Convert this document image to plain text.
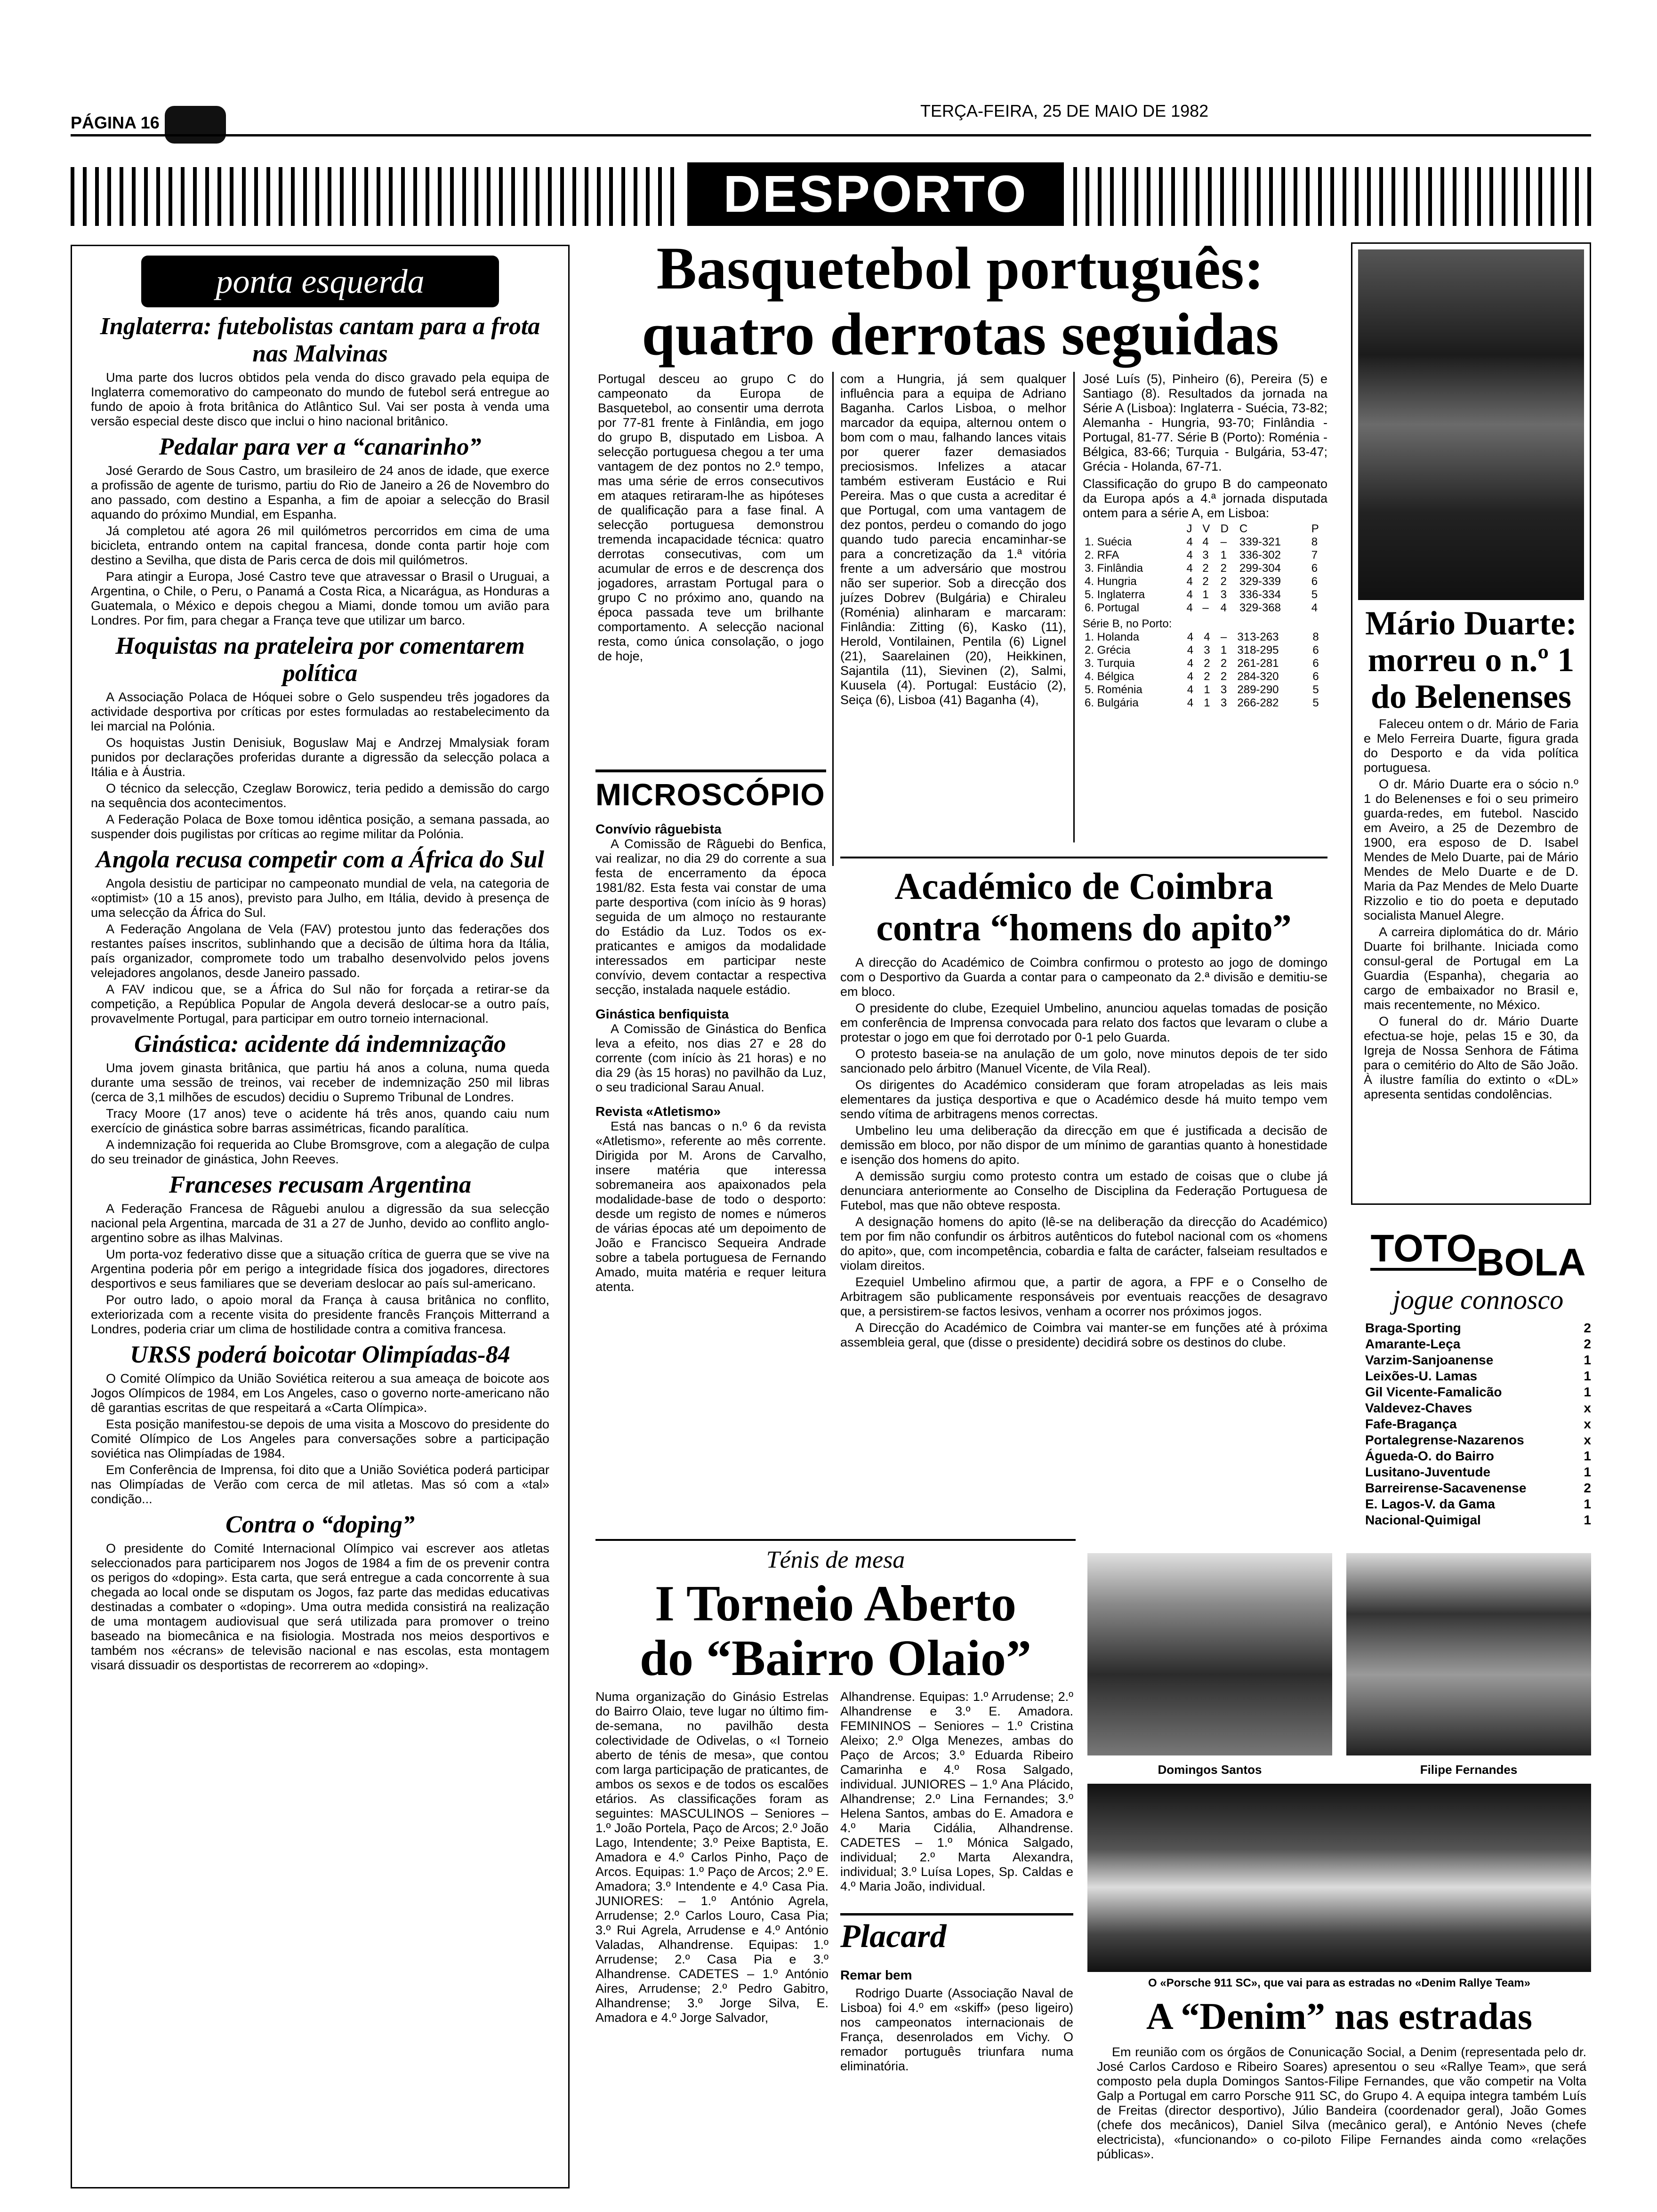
PÁGINA 16
TERÇA-FEIRA, 25 DE MAIO DE 1982
DESPORTO
ponta esquerda
Inglaterra: futebolistas cantam para a frota nas Malvinas

Uma parte dos lucros obtidos pela venda do disco gravado pela equipa de Inglaterra comemorativo do campeonato do mundo de futebol será entregue ao fundo de apoio à frota britânica do Atlântico Sul. Vai ser posta à venda uma versão especial deste disco que inclui o hino nacional britânico.

Pedalar para ver a “canarinho”

José Gerardo de Sous Castro, um brasileiro de 24 anos de idade, que exerce a profissão de agente de turismo, partiu do Rio de Janeiro a 26 de Novembro do ano passado, com destino a Espanha, a fim de apoiar a selecção do Brasil aquando do próximo Mundial, em Espanha.

Já completou até agora 26 mil quilómetros percorridos em cima de uma bicicleta, entrando ontem na capital francesa, donde conta partir hoje com destino a Sevilha, que dista de Paris cerca de dois mil quilómetros.

Para atingir a Europa, José Castro teve que atravessar o Brasil o Uruguai, a Argentina, o Chile, o Peru, o Panamá a Costa Rica, a Nicarágua, as Honduras a Guatemala, o México e depois chegou a Miami, donde tomou um avião para Londres. Por fim, para chegar a França teve que utilizar um barco.

Hoquistas na prateleira por comentarem política

A Associação Polaca de Hóquei sobre o Gelo suspendeu três jogadores da actividade desportiva por críticas por estes formuladas ao restabelecimento da lei marcial na Polónia.

Os hoquistas Justin Denisiuk, Boguslaw Maj e Andrzej Mmalysiak foram punidos por declarações proferidas durante a digressão da selecção polaca a Itália e à Áustria.

O técnico da selecção, Czeglaw Borowicz, teria pedido a demissão do cargo na sequência dos acontecimentos.

A Federação Polaca de Boxe tomou idêntica posição, a semana passada, ao suspender dois pugilistas por críticas ao regime militar da Polónia.

Angola recusa competir com a África do Sul

Angola desistiu de participar no campeonato mundial de vela, na categoria de «optimist» (10 a 15 anos), previsto para Julho, em Itália, devido à presença de uma selecção da África do Sul.

A Federação Angolana de Vela (FAV) protestou junto das federações dos restantes países inscritos, sublinhando que a decisão de última hora da Itália, país organizador, compromete todo um trabalho desenvolvido pelos jovens velejadores angolanos, desde Janeiro passado.

A FAV indicou que, se a África do Sul não for forçada a retirar-se da competição, a República Popular de Angola deverá deslocar-se a outro país, provavelmente Portugal, para participar em outro torneio internacional.

Ginástica: acidente dá indemnização

Uma jovem ginasta britânica, que partiu há anos a coluna, numa queda durante uma sessão de treinos, vai receber de indemnização 250 mil libras (cerca de 3,1 milhões de escudos) decidiu o Supremo Tribunal de Londres.

Tracy Moore (17 anos) teve o acidente há três anos, quando caiu num exercício de ginástica sobre barras assimétricas, ficando paralítica.

A indemnização foi requerida ao Clube Bromsgrove, com a alegação de culpa do seu treinador de ginástica, John Reeves.

Franceses recusam Argentina

A Federação Francesa de Râguebi anulou a digressão da sua selecção nacional pela Argentina, marcada de 31 a 27 de Junho, devido ao conflito anglo-argentino sobre as ilhas Malvinas.

Um porta-voz federativo disse que a situação crítica de guerra que se vive na Argentina poderia pôr em perigo a integridade física dos jogadores, directores desportivos e seus familiares que se deveriam deslocar ao país sul-americano.

Por outro lado, o apoio moral da França à causa britânica no conflito, exteriorizada com a recente visita do presidente francês François Mitterrand a Londres, poderia criar um clima de hostilidade contra a comitiva francesa.

URSS poderá boicotar Olimpíadas-84

O Comité Olímpico da União Soviética reiterou a sua ameaça de boicote aos Jogos Olímpicos de 1984, em Los Angeles, caso o governo norte-americano não dê garantias escritas de que respeitará a «Carta Olímpica».

Esta posição manifestou-se depois de uma visita a Moscovo do presidente do Comité Olímpico de Los Angeles para conversações sobre a participação soviética nas Olimpíadas de 1984.

Em Conferência de Imprensa, foi dito que a União Soviética poderá participar nas Olimpíadas de Verão com cerca de mil atletas. Mas só com a «tal» condição...

Contra o “doping”

O presidente do Comité Internacional Olímpico vai escrever aos atletas seleccionados para participarem nos Jogos de 1984 a fim de os prevenir contra os perigos do «doping». Esta carta, que será entregue a cada concorrente à sua chegada ao local onde se disputam os Jogos, faz parte das medidas educativas destinadas a combater o «doping». Uma outra medida consistirá na realização de uma montagem audiovisual que será utilizada para promover o treino baseado na biomecânica e na fisiologia. Mostrada nos meios desportivos e também nos «écrans» de televisão nacional e nas escolas, esta montagem visará dissuadir os desportistas de recorrerem ao «doping».

Basquetebol português:
quatro derrotas seguidas
Portugal desceu ao grupo C do campeonato da Europa de Basquetebol, ao consentir uma derrota por 77-81 frente à Finlândia, em jogo do grupo B, disputado em Lisboa. A selecção portuguesa chegou a ter uma vantagem de dez pontos no 2.º tempo, mas uma série de erros consecutivos em ataques retiraram-lhe as hipóteses de qualificação para a fase final. A selecção portuguesa demonstrou tremenda incapacidade técnica: quatro derrotas consecutivas, com um acumular de erros e de descrença dos jogadores, arrastam Portugal para o grupo C no próximo ano, quando na época passada teve um brilhante comportamento. A selecção nacional resta, como única consolação, o jogo de hoje,
com a Hungria, já sem qualquer influência para a equipa de Adriano Baganha. Carlos Lisboa, o melhor marcador da equipa, alternou ontem o bom com o mau, falhando lances vitais por querer fazer demasiados preciosismos. Infelizes a atacar também estiveram Eustácio e Rui Pereira. Mas o que custa a acreditar é que Portugal, com uma vantagem de dez pontos, perdeu o comando do jogo quando tudo parecia encaminhar-se para a concretização da 1.ª vitória frente a um adversário que mostrou não ser superior. Sob a direcção dos juízes Dobrev (Bulgária) e Chiraleu (Roménia) alinharam e marcaram: Finlândia: Zitting (6), Kasko (11), Herold, Vontilainen, Pentila (6) Lignel (21), Saarelainen (20), Heikkinen, Sajantila (11), Sievinen (2), Salmi, Kuusela (4). Portugal: Eustácio (2), Seiça (6), Lisboa (41) Baganha (4),
José Luís (5), Pinheiro (6), Pereira (5) e Santiago (8). Resultados da jornada na Série A (Lisboa): Inglaterra - Suécia, 73-82; Alemanha - Hungria, 93-70; Finlândia - Portugal, 81-77. Série B (Porto): Roménia - Bélgica, 83-66; Turquia - Bulgária, 53-47; Grécia - Holanda, 67-71.
Classificação do grupo B do campeonato da Europa após a 4.ª jornada disputada ontem para a série A, em Lisboa:
	J	V	D	C	P
1. Suécia	4	4	–	339-321	8
2. RFA	4	3	1	336-302	7
3. Finlândia	4	2	2	299-304	6
4. Hungria	4	2	2	329-339	6
5. Inglaterra	4	1	3	336-334	5
6. Portugal	4	–	4	329-368	4
Série B, no Porto:
1. Holanda	4	4	–	313-263	8
2. Grécia	4	3	1	318-295	6
3. Turquia	4	2	2	261-281	6
4. Bélgica	4	2	2	284-320	6
5. Roménia	4	1	3	289-290	5
6. Bulgária	4	1	3	266-282	5
MICROSCÓPIO
Convívio râguebista
A Comissão de Râguebi do Benfica, vai realizar, no dia 29 do corrente a sua festa de encerramento da época 1981/82. Esta festa vai constar de uma parte desportiva (com início às 9 horas) seguida de um almoço no restaurante do Estádio da Luz. Todos os ex-praticantes e amigos da modalidade interessados em participar neste convívio, devem contactar a respectiva secção, instalada naquele estádio.
Ginástica benfiquista
A Comissão de Ginástica do Benfica leva a efeito, nos dias 27 e 28 do corrente (com início às 21 horas) e no dia 29 (às 15 horas) no pavilhão da Luz, o seu tradicional Sarau Anual.
Revista «Atletismo»
Está nas bancas o n.º 6 da revista «Atletismo», referente ao mês corrente. Dirigida por M. Arons de Carvalho, insere matéria que interessa sobremaneira aos apaixonados pela modalidade-base de todo o desporto: desde um registo de nomes e números de várias épocas até um depoimento de João e Francisco Sequeira Andrade sobre a tabela portuguesa de Fernando Amado, muita matéria e requer leitura atenta.
Académico de Coimbra
contra “homens do apito”

A direcção do Académico de Coimbra confirmou o protesto ao jogo de domingo com o Desportivo da Guarda a contar para o campeonato da 2.ª divisão e demitiu-se em bloco.

O presidente do clube, Ezequiel Umbelino, anunciou aquelas tomadas de posição em conferência de Imprensa convocada para relato dos factos que levaram o clube a protestar o jogo em que foi derrotado por 0-1 pelo Guarda.

O protesto baseia-se na anulação de um golo, nove minutos depois de ter sido sancionado pelo árbitro (Manuel Vicente, de Vila Real).

Os dirigentes do Académico consideram que foram atropeladas as leis mais elementares da justiça desportiva e que o Académico desde há muito tempo vem sendo vítima de arbitragens menos correctas.

Umbelino leu uma deliberação da direcção em que é justificada a decisão de demissão em bloco, por não dispor de um mínimo de garantias quanto à honestidade e isenção dos homens do apito.

A demissão surgiu como protesto contra um estado de coisas que o clube já denunciara anteriormente ao Conselho de Disciplina da Federação Portuguesa de Futebol, mas que não obteve resposta.

A designação homens do apito (lê-se na deliberação da direcção do Académico) tem por fim não confundir os árbitros autênticos do futebol nacional com os «homens do apito», que, com incompetência, cobardia e falta de carácter, falseiam resultados e violam direitos.

Ezequiel Umbelino afirmou que, a partir de agora, a FPF e o Conselho de Arbitragem são publicamente responsáveis por eventuais reacções de desagravo que, a persistirem-se factos lesivos, venham a ocorrer nos próximos jogos.

A Direcção do Académico de Coimbra vai manter-se em funções até à próxima assembleia geral, que (disse o presidente) decidirá sobre os destinos do clube.

Mário Duarte:
morreu o n.º 1
do Belenenses

Faleceu ontem o dr. Mário de Faria e Melo Ferreira Duarte, figura grada do Desporto e da vida política portuguesa.

O dr. Mário Duarte era o sócio n.º 1 do Belenenses e foi o seu primeiro guarda-redes, em futebol. Nascido em Aveiro, a 25 de Dezembro de 1900, era esposo de D. Isabel Mendes de Melo Duarte, pai de Mário Mendes de Melo Duarte e de D. Maria da Paz Mendes de Melo Duarte Rizzolio e tio do poeta e deputado socialista Manuel Alegre.

A carreira diplomática do dr. Mário Duarte foi brilhante. Iniciada como consul-geral de Portugal em La Guardia (Espanha), chegaria ao cargo de embaixador no Brasil e, mais recentemente, no México.

O funeral do dr. Mário Duarte efectua-se hoje, pelas 15 e 30, da Igreja de Nossa Senhora de Fátima para o cemitério do Alto de São João. À ilustre família do extinto o «DL» apresenta sentidas condolências.

TOTO BOLA
jogue connosco
Braga-Sporting	2
Amarante-Leça	2
Varzim-Sanjoanense	1
Leixões-U. Lamas	1
Gil Vicente-Famalicão	1
Valdevez-Chaves	x
Fafe-Bragança	x
Portalegrense-Nazarenos	x
Águeda-O. do Bairro	1
Lusitano-Juventude	1
Barreirense-Sacavenense	2
E. Lagos-V. da Gama	1
Nacional-Quimigal	1
Ténis de mesa
I Torneio Aberto
do “Bairro Olaio”
Numa organização do Ginásio Estrelas do Bairro Olaio, teve lugar no último fim-de-semana, no pavilhão desta colectividade de Odivelas, o «I Torneio aberto de ténis de mesa», que contou com larga participação de praticantes, de ambos os sexos e de todos os escalões etários. As classificações foram as seguintes: MASCULINOS – Seniores – 1.º João Portela, Paço de Arcos; 2.º João Lago, Intendente; 3.º Peixe Baptista, E. Amadora e 4.º Carlos Pinho, Paço de Arcos. Equipas: 1.º Paço de Arcos; 2.º E. Amadora; 3.º Intendente e 4.º Casa Pia. JUNIORES: – 1.º António Agrela, Arrudense; 2.º Carlos Louro, Casa Pia; 3.º Rui Agrela, Arrudense e 4.º António Valadas, Alhandrense. Equipas: 1.º Arrudense; 2.º Casa Pia e 3.º Alhandrense. CADETES – 1.º António Aires, Arrudense; 2.º Pedro Gabitro, Alhandrense; 3.º Jorge Silva, E. Amadora e 4.º Jorge Salvador,
Alhandrense. Equipas: 1.º Arrudense; 2.º Alhandrense e 3.º E. Amadora. FEMININOS – Seniores – 1.º Cristina Aleixo; 2.º Olga Menezes, ambas do Paço de Arcos; 3.º Eduarda Ribeiro Camarinha e 4.º Rosa Salgado, individual. JUNIORES – 1.º Ana Plácido, Alhandrense; 2.º Lina Fernandes; 3.º Helena Santos, ambas do E. Amadora e 4.º Maria Cidália, Alhandrense. CADETES – 1.º Mónica Salgado, individual; 2.º Marta Alexandra, individual; 3.º Luísa Lopes, Sp. Caldas e 4.º Maria João, individual.
Placard
Remar bem
Rodrigo Duarte (Associação Naval de Lisboa) foi 4.º em «skiff» (peso ligeiro) nos campeonatos internacionais de França, desenrolados em Vichy. O remador português triunfara numa eliminatória.
Domingos Santos	Filipe Fernandes
O «Porsche 911 SC», que vai para as estradas no «Denim Rallye Team»
A “Denim” nas estradas
Em reunião com os órgãos de Conunicação Social, a Denim (representada pelo dr. José Carlos Cardoso e Ribeiro Soares) apresentou o seu «Rallye Team», que será composto pela dupla Domingos Santos-Filipe Fernandes, que vão competir na Volta Galp a Portugal em carro Porsche 911 SC, do Grupo 4. A equipa integra também Luís de Freitas (director desportivo), Júlio Bandeira (coordenador geral), João Gomes (chefe dos mecânicos), Daniel Silva (mecânico geral), e António Neves (chefe electricista), «funcionando» o co-piloto Filipe Fernandes ainda como «relações públicas».
